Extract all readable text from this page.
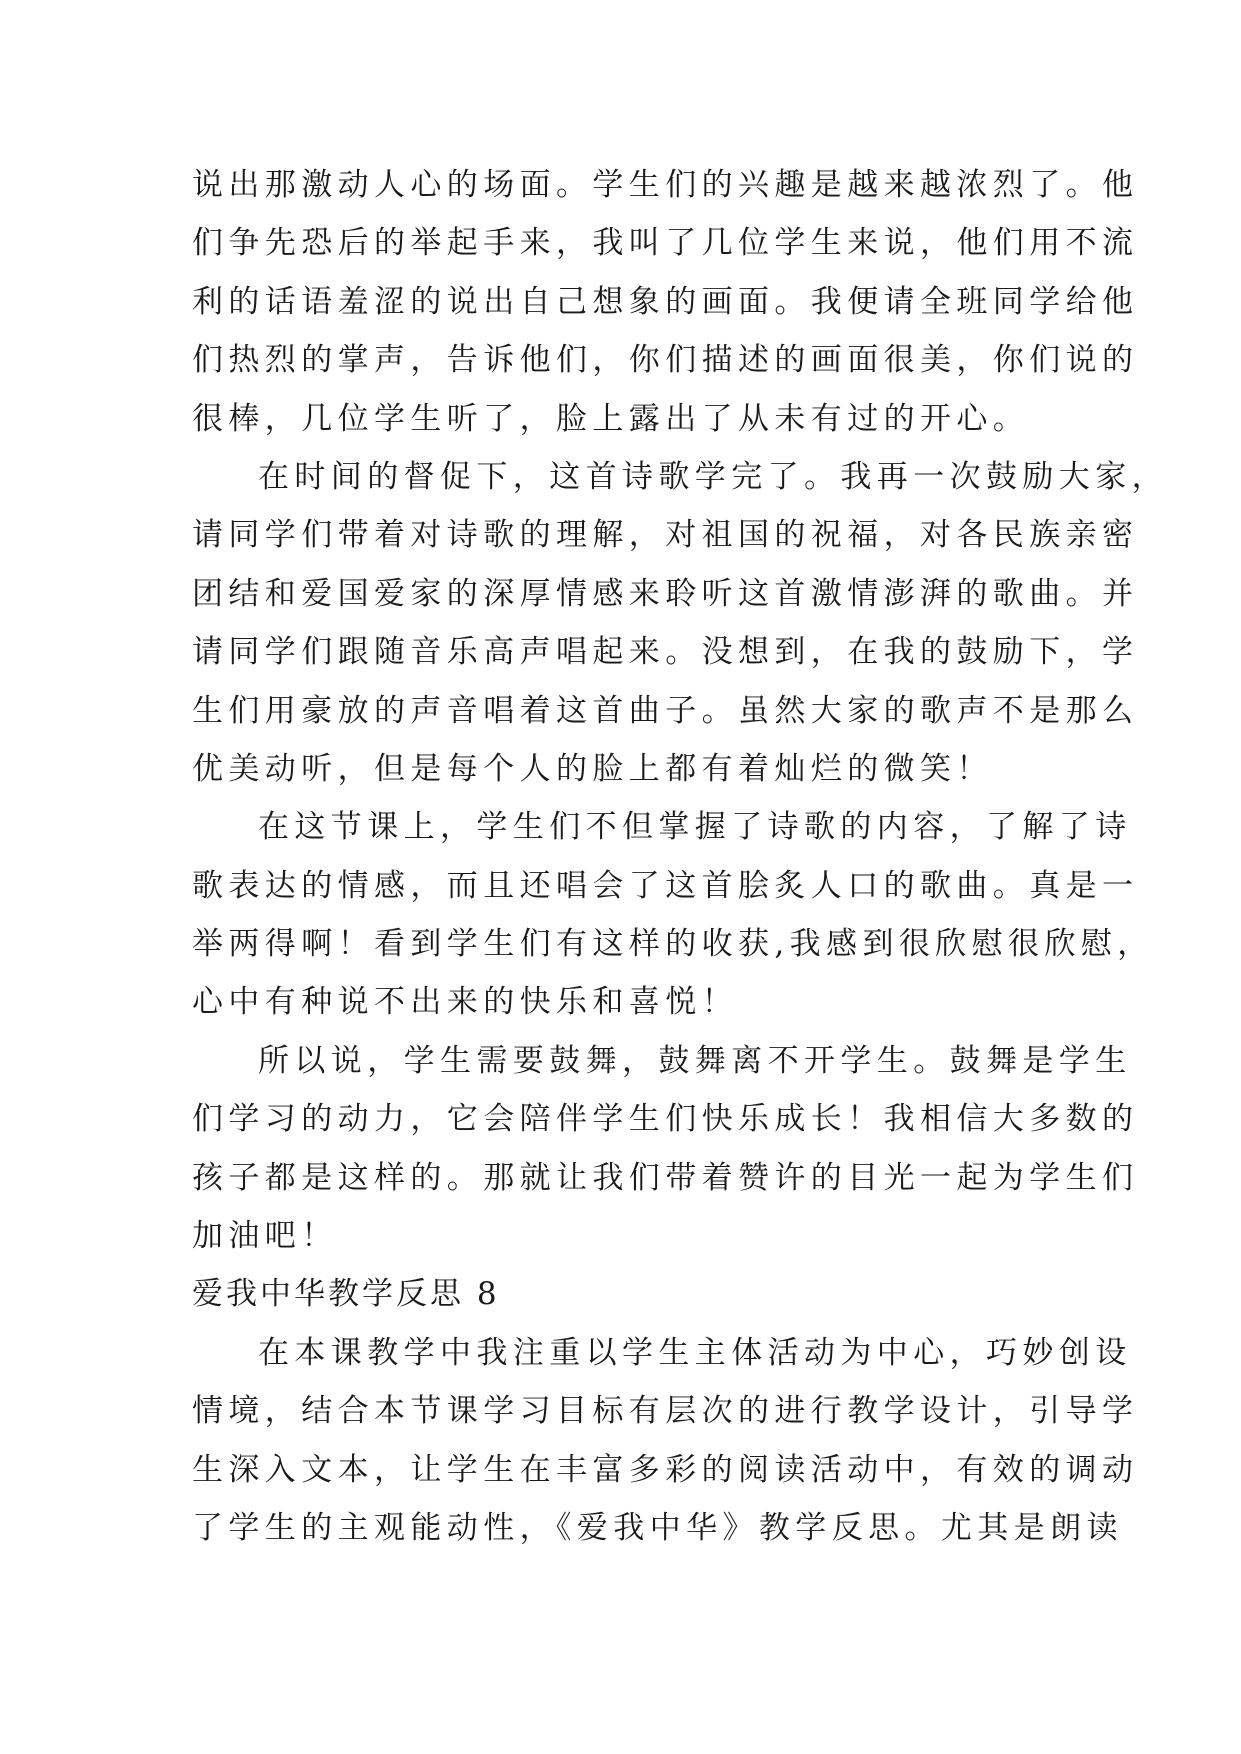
说出那激动人心的场面。学生们的兴趣是越来越浓烈了。他
们争先恐后的举起手来，我叫了几位学生来说，他们用不流
利的话语羞涩的说出自己想象的画面。我便请全班同学给他
们热烈的掌声，告诉他们，你们描述的画面很美，你们说的
很棒，几位学生听了，脸上露出了从未有过的开心。
在时间的督促下，这首诗歌学完了。我再一次鼓励大家，
请同学们带着对诗歌的理解，对祖国的祝福，对各民族亲密
团结和爱国爱家的深厚情感来聆听这首激情澎湃的歌曲。并
请同学们跟随音乐高声唱起来。没想到，在我的鼓励下，学
生们用豪放的声音唱着这首曲子。虽然大家的歌声不是那么
优美动听，但是每个人的脸上都有着灿烂的微笑！
在这节课上，学生们不但掌握了诗歌的内容，了解了诗
歌表达的情感，而且还唱会了这首脍炙人口的歌曲。真是一
举两得啊！看到学生们有这样的收获,我感到很欣慰很欣慰，
心中有种说不出来的快乐和喜悦！
所以说，学生需要鼓舞，鼓舞离不开学生。鼓舞是学生
们学习的动力，它会陪伴学生们快乐成长！我相信大多数的
孩子都是这样的。那就让我们带着赞许的目光一起为学生们
加油吧！
爱我中华教学反思 8
在本课教学中我注重以学生主体活动为中心，巧妙创设
情境，结合本节课学习目标有层次的进行教学设计，引导学
生深入文本，让学生在丰富多彩的阅读活动中，有效的调动
了学生的主观能动性，《爱我中华》教学反思。尤其是朗读
